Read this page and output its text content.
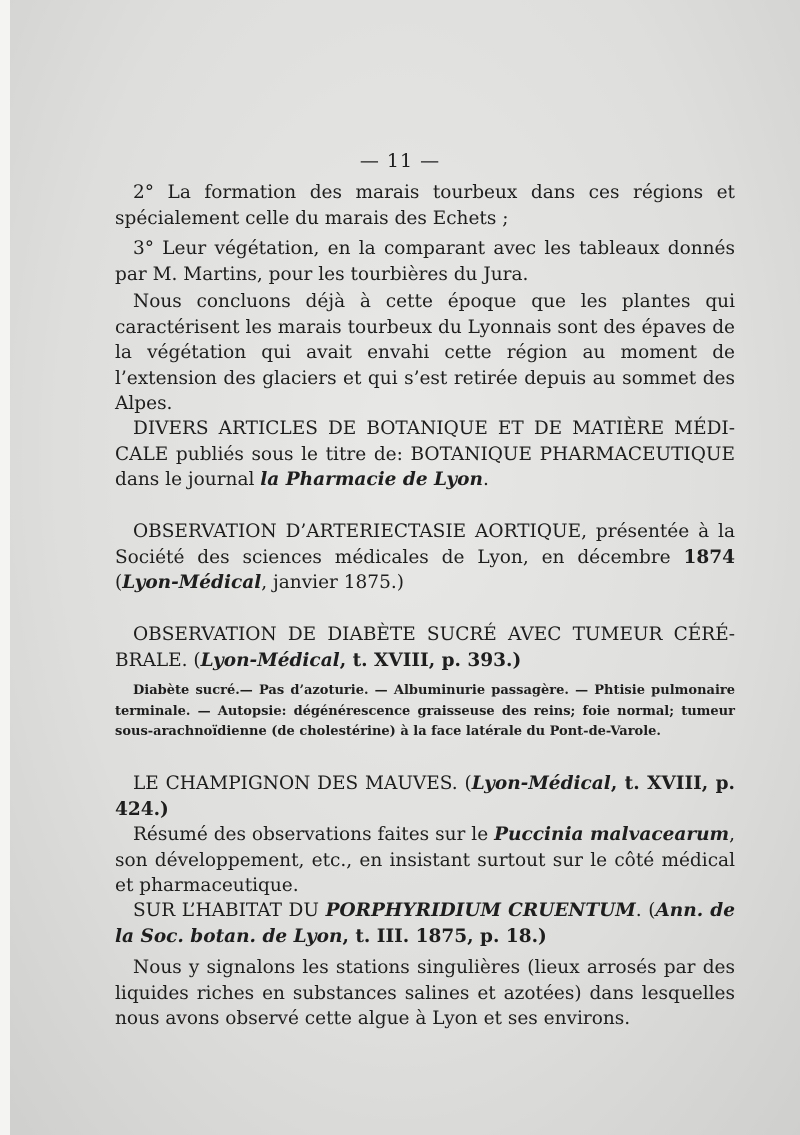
— 11 —

2° La formation des marais tourbeux dans ces régions et spécialement celle du marais des Echets ;

3° Leur végétation, en la comparant avec les tableaux donnés par M. Martins, pour les tourbières du Jura.

Nous concluons déjà à cette époque que les plantes qui caractérisent les marais tourbeux du Lyonnais sont des épaves de la végétation qui avait envahi cette région au moment de l’extension des glaciers et qui s’est retirée depuis au sommet des Alpes.

DIVERS ARTICLES DE BOTANIQUE ET DE MATIÈRE MÉDICALE publiés sous le titre de: BOTANIQUE PHARMACEUTIQUE dans le journal la Pharmacie de Lyon.

OBSERVATION D’ARTERIECTASIE AORTIQUE, présentée à la Société des sciences médicales de Lyon, en décembre 1874 (Lyon-Médical, janvier 1875.)

OBSERVATION DE DIABÈTE SUCRÉ AVEC TUMEUR CÉRÉBRALE. (Lyon-Médical, t. XVIII, p. 393.)

Diabète sucré.— Pas d’azoturie. — Albuminurie passagère. — Phtisie pulmonaire terminale. — Autopsie: dégénérescence graisseuse des reins; foie normal; tumeur sous-arachnoïdienne (de cholestérine) à la face latérale du Pont-de-Varole.

LE CHAMPIGNON DES MAUVES. (Lyon-Médical, t. XVIII, p. 424.)

Résumé des observations faites sur le Puccinia malvacearum, son développement, etc., en insistant surtout sur le côté médical et pharmaceutique.

SUR L’HABITAT DU PORPHYRIDIUM CRUENTUM. (Ann. de la Soc. botan. de Lyon, t. III. 1875, p. 18.)

Nous y signalons les stations singulières (lieux arrosés par des liquides riches en substances salines et azotées) dans lesquelles nous avons observé cette algue à Lyon et ses environs.
